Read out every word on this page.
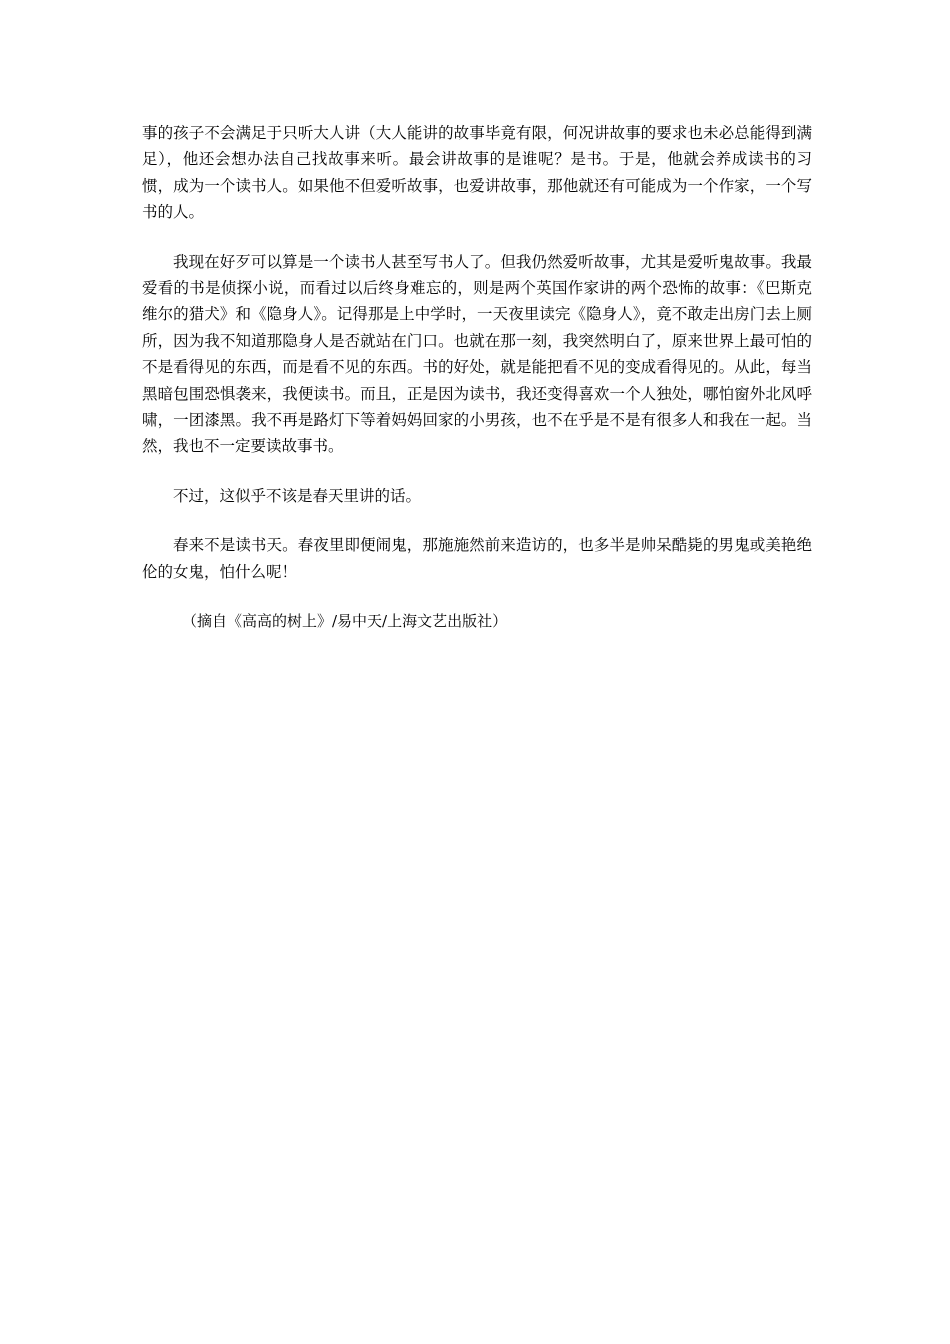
事的孩子不会满足于只听大人讲（大人能讲的故事毕竟有限，何况讲故事的要求也未必总能得到满足），他还会想办法自己找故事来听。最会讲故事的是谁呢？是书。于是，他就会养成读书的习惯，成为一个读书人。如果他不但爱听故事，也爱讲故事，那他就还有可能成为一个作家，一个写书的人。

我现在好歹可以算是一个读书人甚至写书人了。但我仍然爱听故事，尤其是爱听鬼故事。我最爱看的书是侦探小说，而看过以后终身难忘的，则是两个英国作家讲的两个恐怖的故事：《巴斯克维尔的猎犬》和《隐身人》。记得那是上中学时，一天夜里读完《隐身人》，竟不敢走出房门去上厕所，因为我不知道那隐身人是否就站在门口。也就在那一刻，我突然明白了，原来世界上最可怕的不是看得见的东西，而是看不见的东西。书的好处，就是能把看不见的变成看得见的。从此，每当黑暗包围恐惧袭来，我便读书。而且，正是因为读书，我还变得喜欢一个人独处，哪怕窗外北风呼啸，一团漆黑。我不再是路灯下等着妈妈回家的小男孩，也不在乎是不是有很多人和我在一起。当然，我也不一定要读故事书。

不过，这似乎不该是春天里讲的话。

春来不是读书天。春夜里即便闹鬼，那施施然前来造访的，也多半是帅呆酷毙的男鬼或美艳绝伦的女鬼，怕什么呢！

（摘自《高高的树上》/易中天/上海文艺出版社）
